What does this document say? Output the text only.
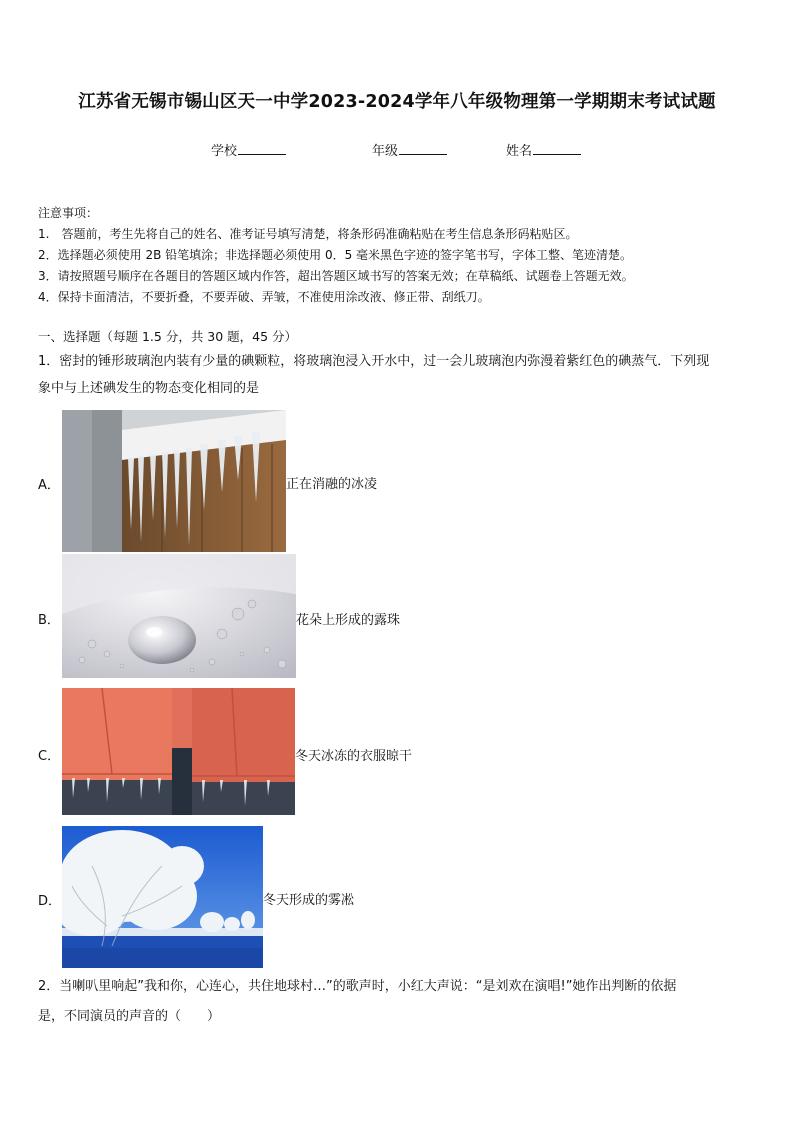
江苏省无锡市锡山区天一中学2023-2024学年八年级物理第一学期期末考试试题
学校	年级	姓名
注意事项：
1.　答题前，考生先将自己的姓名、准考证号填写清楚，将条形码准确粘贴在考生信息条形码粘贴区。
2．选择题必须使用 2B 铅笔填涂；非选择题必须使用 0．5 毫米黑色字迹的签字笔书写，字体工整、笔迹清楚。
3．请按照题号顺序在各题目的答题区域内作答，超出答题区域书写的答案无效；在草稿纸、试题卷上答题无效。
4．保持卡面清洁，不要折叠，不要弄破、弄皱，不准使用涂改液、修正带、刮纸刀。
一、选择题（每题 1.5 分，共 30 题，45 分）
1．密封的锤形玻璃泡内装有少量的碘颗粒，将玻璃泡浸入开水中，过一会儿玻璃泡内弥漫着紫红色的碘蒸气．下列现
象中与上述碘发生的物态变化相同的是
A．	正在消融的冰凌
B．	花朵上形成的露珠
C．	冬天冰冻的衣服晾干
D．	冬天形成的雾凇
2．当喇叭里响起”我和你，心连心，共住地球村…”的歌声时，小红大声说：“是刘欢在演唱!”她作出判断的依据
是，不同演员的声音的（　　）
